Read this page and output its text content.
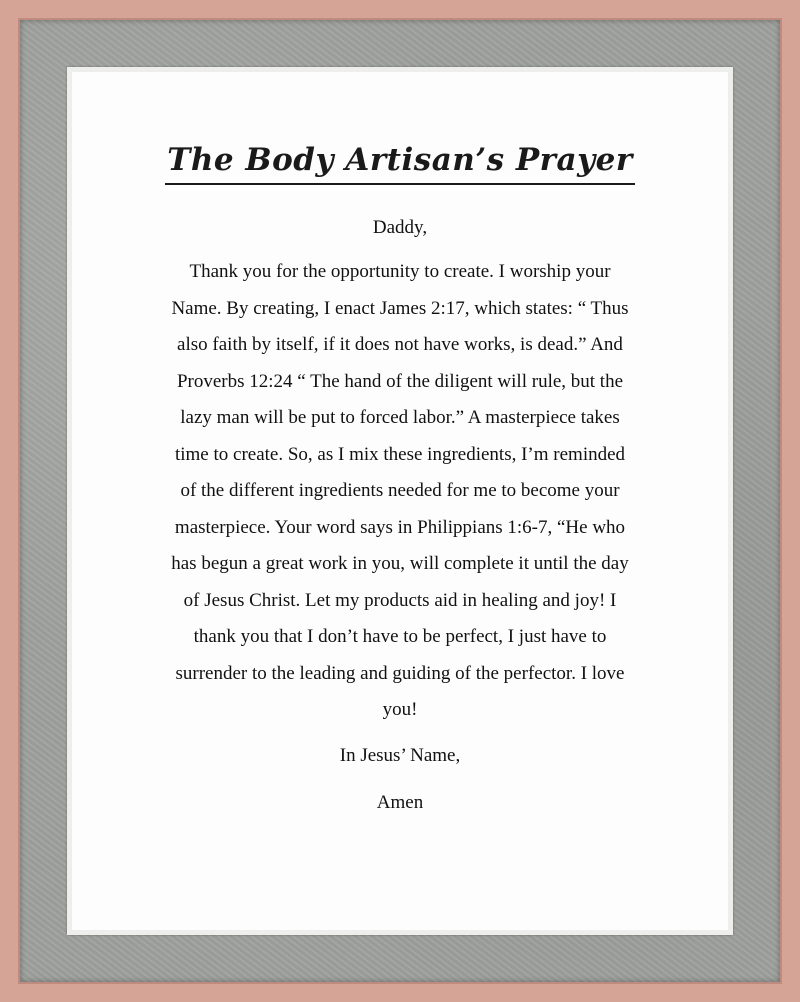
The Body Artisan’s Prayer

Daddy,

Thank you for the opportunity to create. I worship your
Name. By creating, I enact James 2:17, which states: “ Thus
also faith by itself, if it does not have works, is dead.” And
Proverbs 12:24 “ The hand of the diligent will rule, but the
lazy man will be put to forced labor.” A masterpiece takes
time to create. So, as I mix these ingredients, I’m reminded
of the different ingredients needed for me to become your
masterpiece. Your word says in Philippians 1:6-7, “He who
has begun a great work in you, will complete it until the day
of Jesus Christ. Let my products aid in healing and joy! I
thank you that I don’t have to be perfect, I just have to
surrender to the leading and guiding of the perfector. I love
you!

In Jesus’ Name,

Amen
